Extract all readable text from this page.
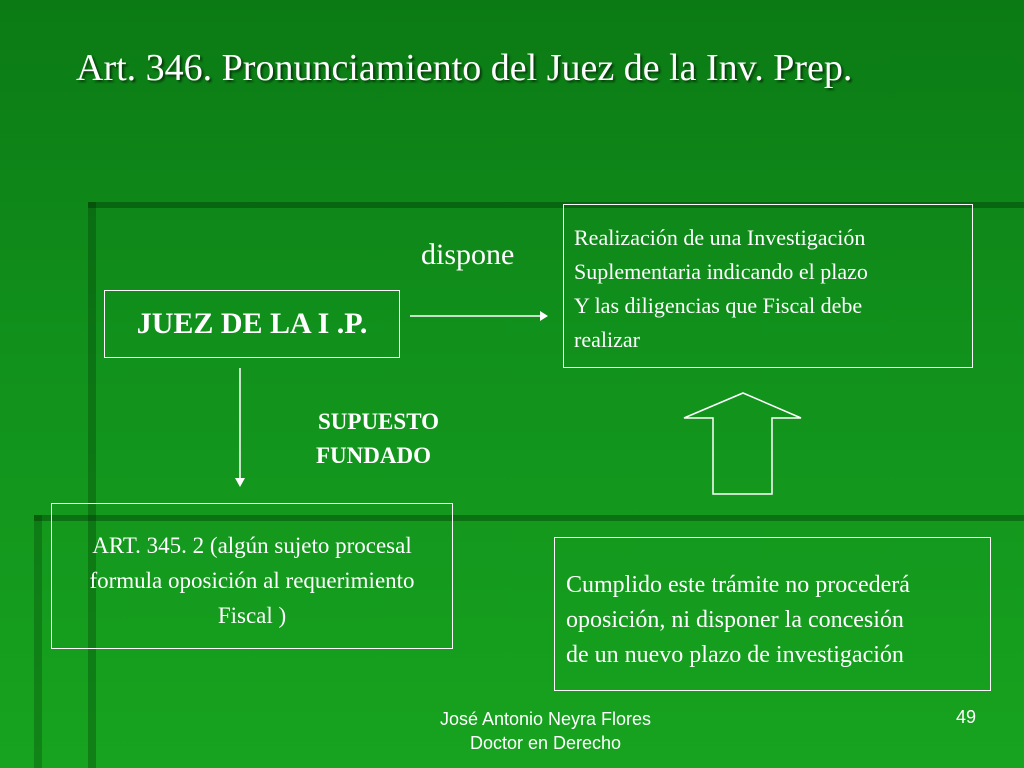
Art. 346. Pronunciamiento del Juez de la Inv. Prep.
JUEZ DE LA I .P.
dispone
Realización de una Investigación
Suplementaria indicando el plazo
Y las diligencias que Fiscal debe
realizar
SUPUESTO
FUNDADO
ART. 345. 2 (algún sujeto procesal
formula oposición al requerimiento
Fiscal )
Cumplido este trámite no procederá
oposición, ni disponer la concesión
de un nuevo plazo de investigación
José Antonio Neyra Flores
Doctor en Derecho
49
